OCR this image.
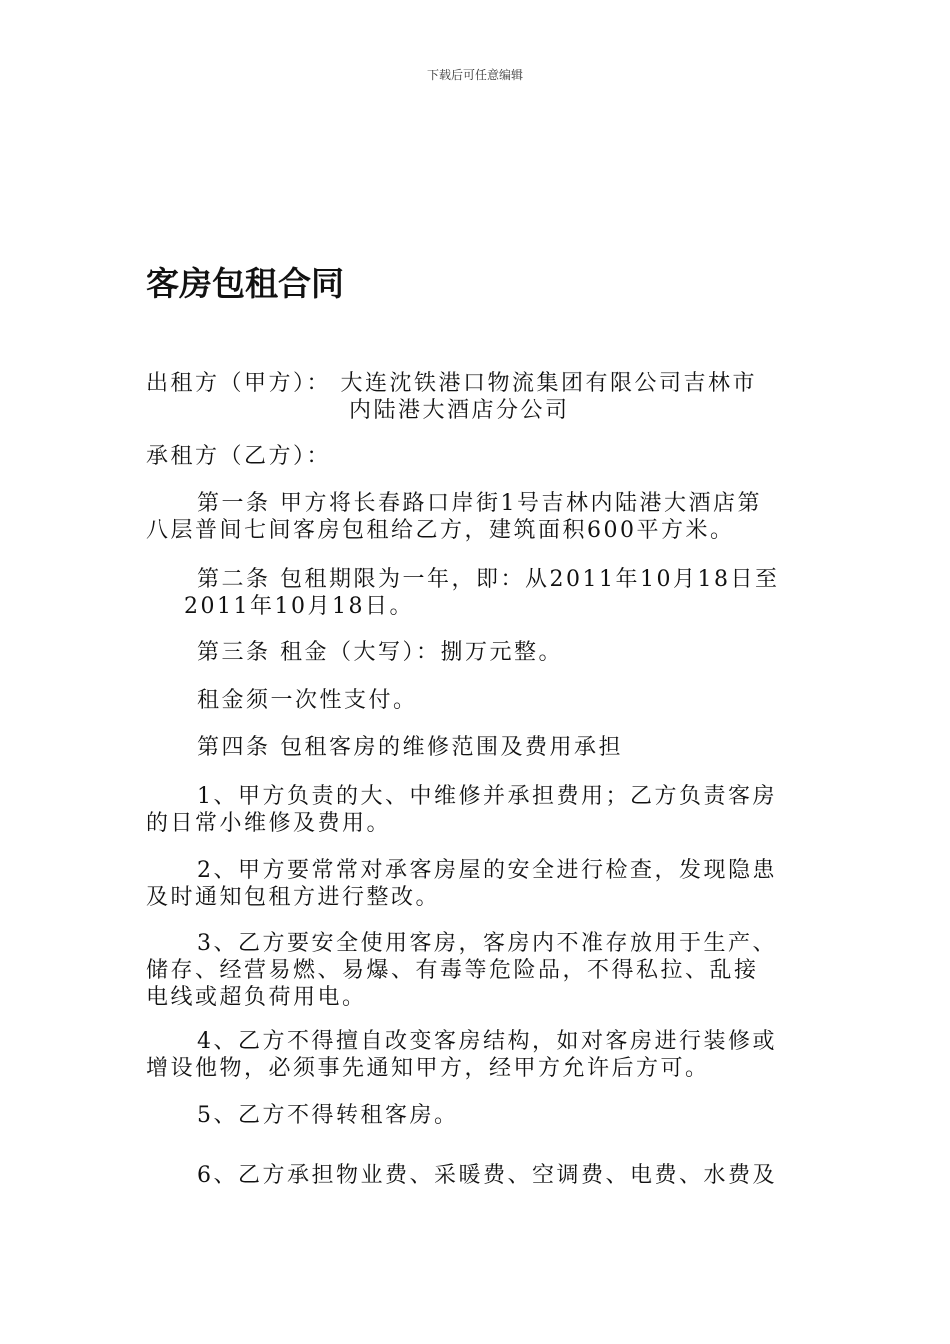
下载后可任意编辑
客房包租合同

出租方（甲方）： 大连沈铁港口物流集团有限公司吉林市

内陆港大酒店分公司

承租方（乙方）：

第一条 甲方将长春路口岸街1号吉林内陆港大酒店第

八层普间七间客房包租给乙方，建筑面积600平方米。

第二条 包租期限为一年，即：从2011年10月18日至

2011年10月18日。

第三条 租金（大写）：捌万元整。

租金须一次性支付。

第四条 包租客房的维修范围及费用承担

1、甲方负责的大、中维修并承担费用；乙方负责客房

的日常小维修及费用。

2、甲方要常常对承客房屋的安全进行检查，发现隐患

及时通知包租方进行整改。

3、乙方要安全使用客房，客房内不准存放用于生产、

储存、经营易燃、易爆、有毒等危险品，不得私拉、乱接

电线或超负荷用电。

4、乙方不得擅自改变客房结构，如对客房进行装修或

增设他物，必须事先通知甲方，经甲方允许后方可。

5、乙方不得转租客房。

6、乙方承担物业费、采暖费、空调费、电费、水费及
